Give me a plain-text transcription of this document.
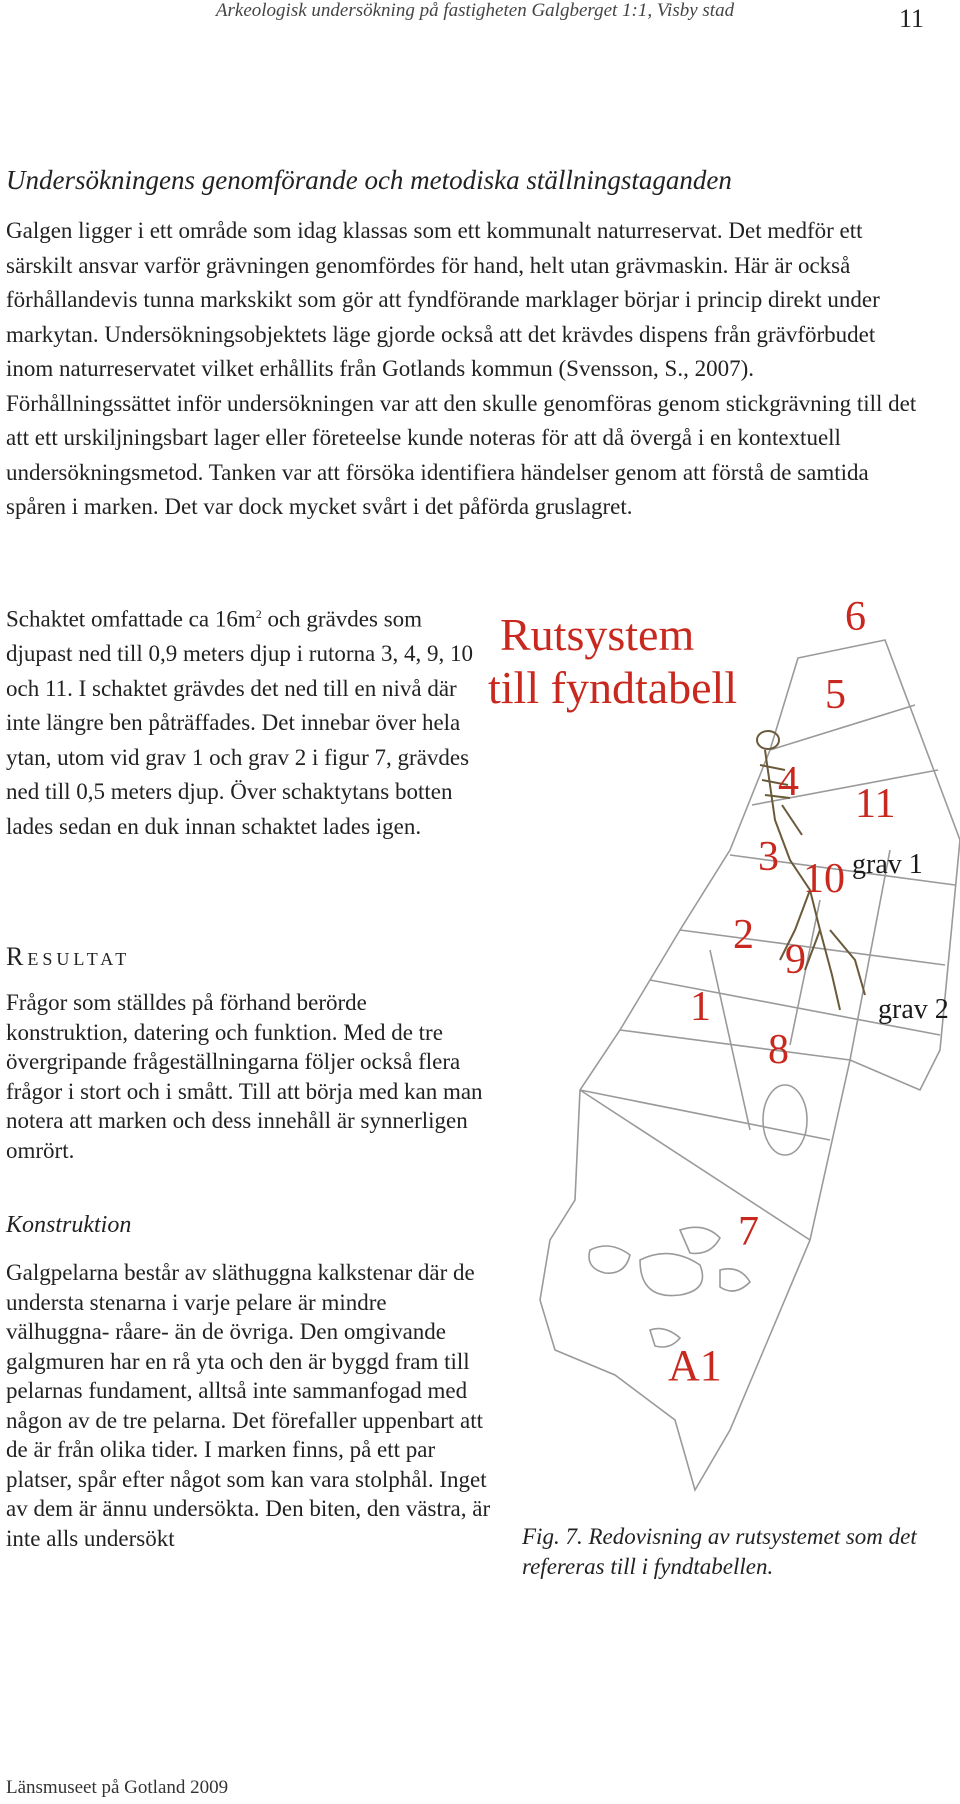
Arkeologisk undersökning på fastigheten Galgberget 1:1, Visby stad	11
Undersökningens genomförande och metodiska ställningstaganden

Galgen ligger i ett område som idag klassas som ett kommunalt naturreservat. Det medför ett särskilt ansvar varför grävningen genomfördes för hand, helt utan grävmaskin. Här är också förhållandevis tunna markskikt som gör att fyndförande marklager börjar i princip direkt under markytan. Undersökningsobjektets läge gjorde också att det krävdes dispens från grävförbudet inom naturreservatet vilket erhållits från Gotlands kommun (Svensson, S., 2007). Förhållningssättet inför undersökningen var att den skulle genomföras genom stickgrävning till det att ett urskiljningsbart lager eller företeelse kunde noteras för att då övergå i en kontextuell undersökningsmetod. Tanken var att försöka identifiera händelser genom att förstå de samtida spåren i marken. Det var dock mycket svårt i det påförda gruslagret.

Schaktet omfattade ca $16m^2$ och grävdes som djupast ned till 0,9 meters djup i rutorna 3, 4, 9, 10 och 11. I schaktet grävdes det ned till en nivå där inte längre ben påträffades. Det innebar över hela ytan, utom vid grav 1 och grav 2 i figur 7, grävdes ned till 0,5 meters djup. Över schaktytans botten lades sedan en duk innan schaktet lades igen.

Resultat

Frågor som ställdes på förhand berörde konstruktion, datering och funktion. Med de tre övergripande frågeställningarna följer också flera frågor i stort och i smått. Till att börja med kan man notera att marken och dess innehåll är synnerligen omrört.

Konstruktion

Galgpelarna består av släthuggna kalkstenar där de understa stenarna i varje pelare är mindre välhuggna- råare- än de övriga. Den omgivande galgmuren har en rå yta och den är byggd fram till pelarnas fundament, alltså inte sammanfogad med någon av de tre pelarna. Det förefaller uppenbart att de är från olika tider. I marken finns, på ett par platser, spår efter något som kan vara stolphål. Inget av dem är ännu undersökta. Den biten, den västra, är inte alls undersökt

Rutsystem
till fyndtabell
6
5
4 11
3 10
2
9
1
8
7
A1
grav 1
grav 2

Fig. 7. Redovisning av rutsystemet som det refereras till i fyndtabellen.

Länsmuseet på Gotland 2009
